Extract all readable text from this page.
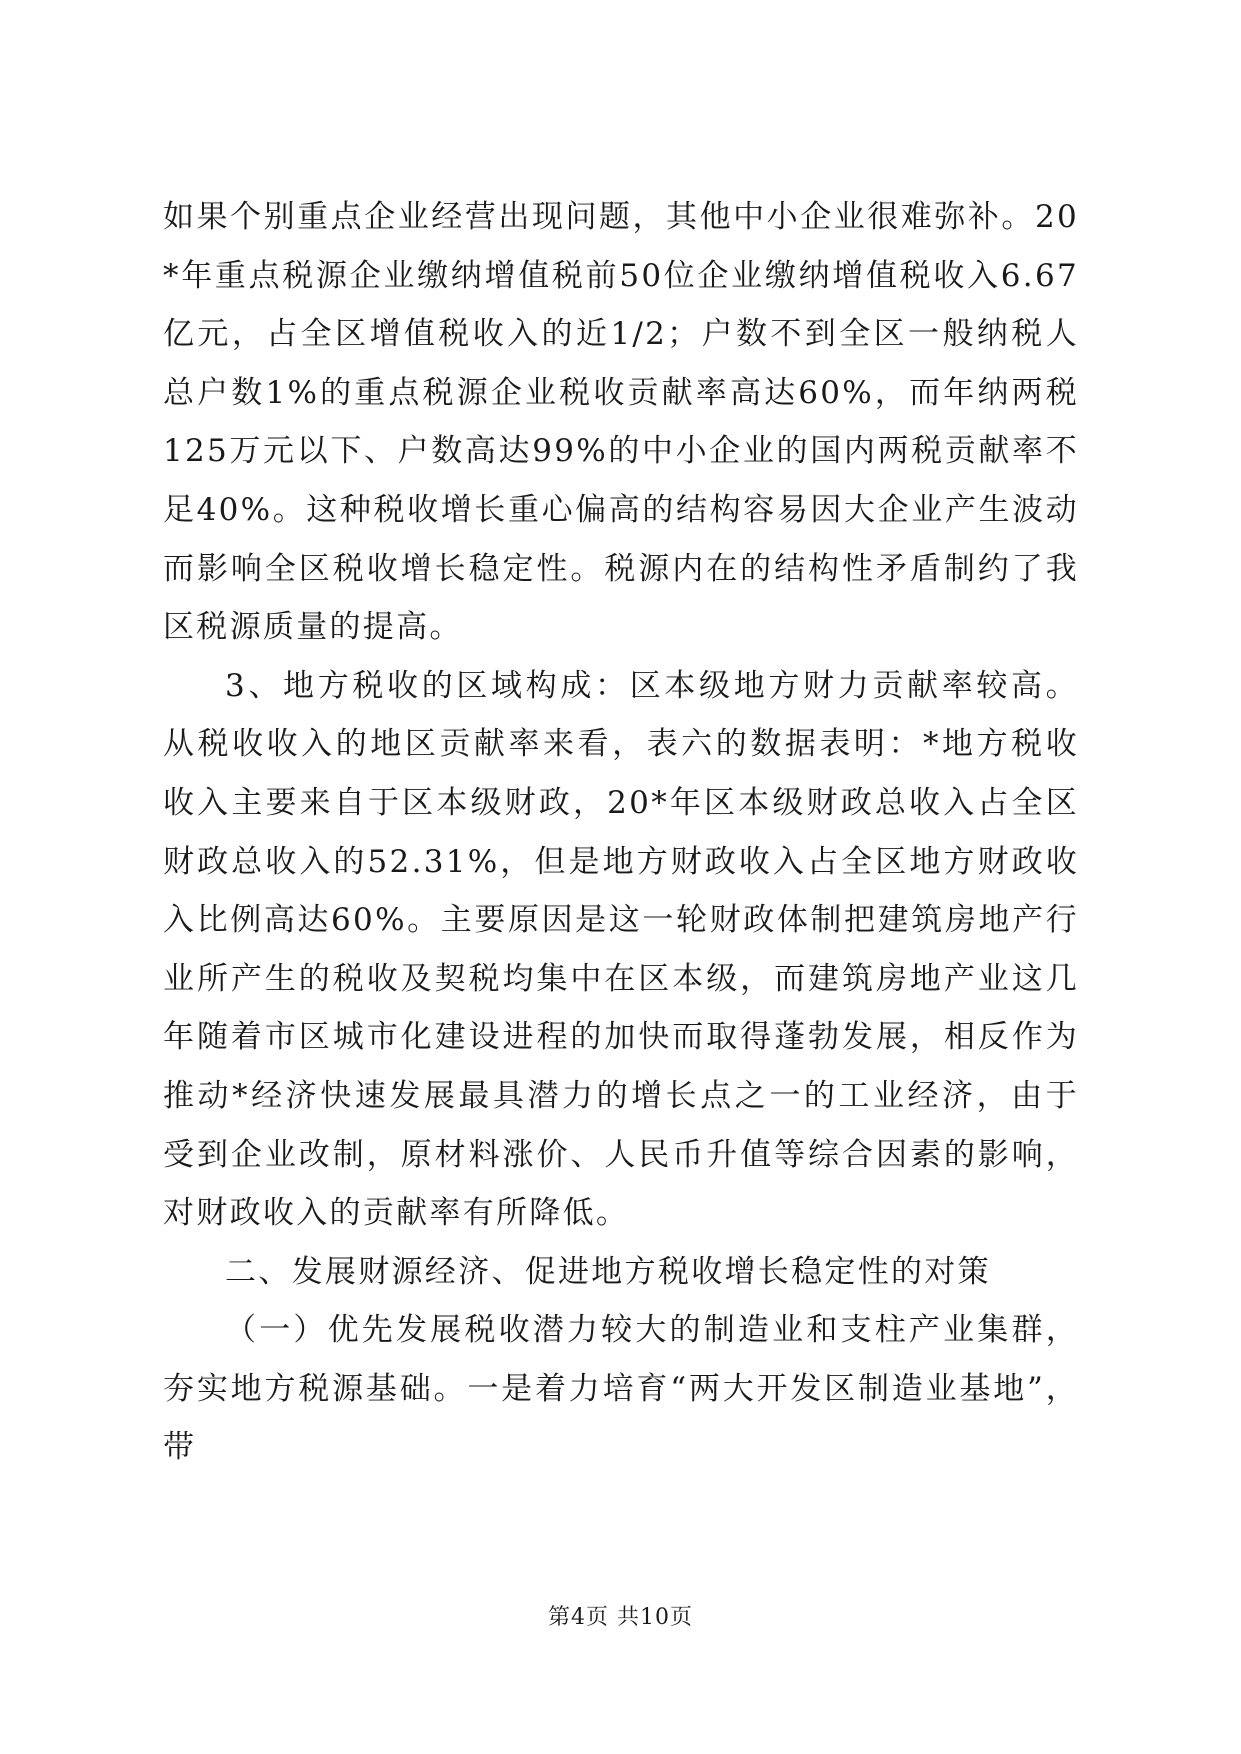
如果个别重点企业经营出现问题，其他中小企业很难弥补。20*年重点税源企业缴纳增值税前50位企业缴纳增值税收入6.67亿元，占全区增值税收入的近1/2；户数不到全区一般纳税人总户数1%的重点税源企业税收贡献率高达60%，而年纳两税125万元以下、户数高达99%的中小企业的国内两税贡献率不足40%。这种税收增长重心偏高的结构容易因大企业产生波动而影响全区税收增长稳定性。税源内在的结构性矛盾制约了我区税源质量的提高。

3、地方税收的区域构成：区本级地方财力贡献率较高。从税收收入的地区贡献率来看，表六的数据表明：*地方税收收入主要来自于区本级财政，20*年区本级财政总收入占全区财政总收入的52.31%，但是地方财政收入占全区地方财政收入比例高达60%。主要原因是这一轮财政体制把建筑房地产行业所产生的税收及契税均集中在区本级，而建筑房地产业这几年随着市区城市化建设进程的加快而取得蓬勃发展，相反作为推动*经济快速发展最具潜力的增长点之一的工业经济，由于受到企业改制，原材料涨价、人民币升值等综合因素的影响，对财政收入的贡献率有所降低。

二、发展财源经济、促进地方税收增长稳定性的对策

（一）优先发展税收潜力较大的制造业和支柱产业集群，夯实地方税源基础。一是着力培育“两大开发区制造业基地”，带

第4页 共10页
